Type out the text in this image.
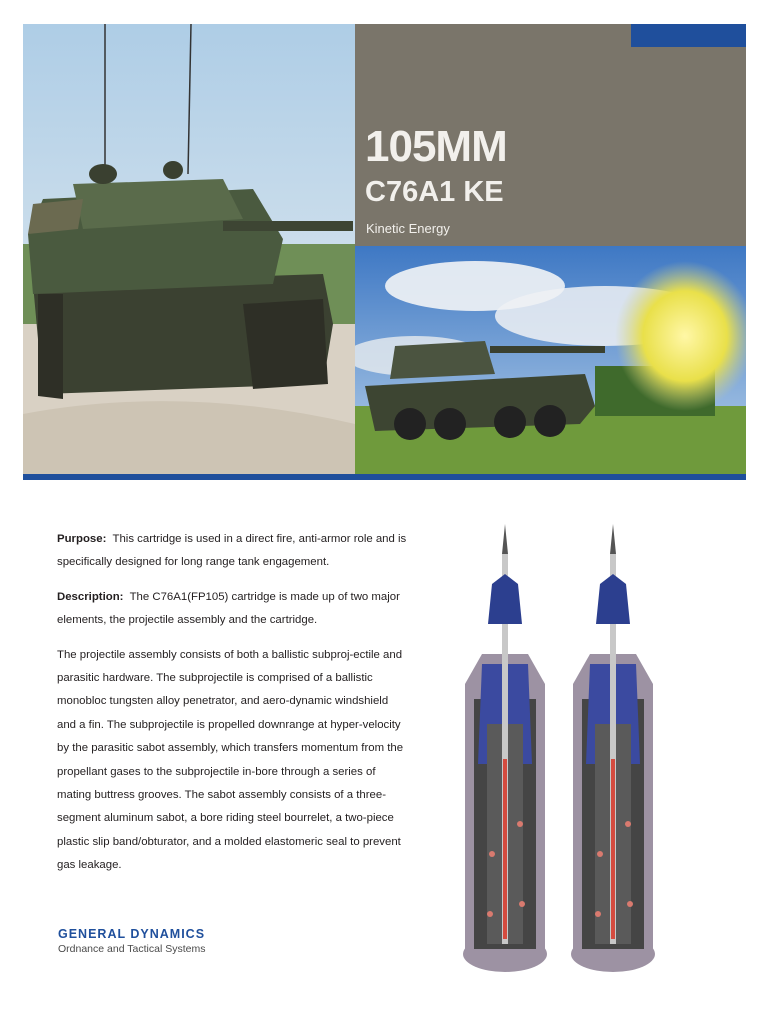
105MM
C76A1 KE

Kinetic Energy

Purpose: This cartridge is used in a direct fire, anti-armor role and is specifically designed for long range tank engagement.

Description: The C76A1(FP105) cartridge is made up of two major elements, the projectile assembly and the cartridge.

The projectile assembly consists of both a ballistic subproj-ectile and parasitic hardware. The subprojectile is comprised of a ballistic monobloc tungsten alloy penetrator, and aero-dynamic windshield and a fin. The subprojectile is propelled downrange at hyper-velocity by the parasitic sabot assembly, which transfers momentum from the propellant gases to the subprojectile in-bore through a series of mating buttress grooves. The sabot assembly consists of a three-segment aluminum sabot, a bore riding steel bourrelet, a two-piece plastic slip band/obturator, and a molded elastomeric seal to prevent gas leakage.

GENERAL DYNAMICS
Ordnance and Tactical Systems
